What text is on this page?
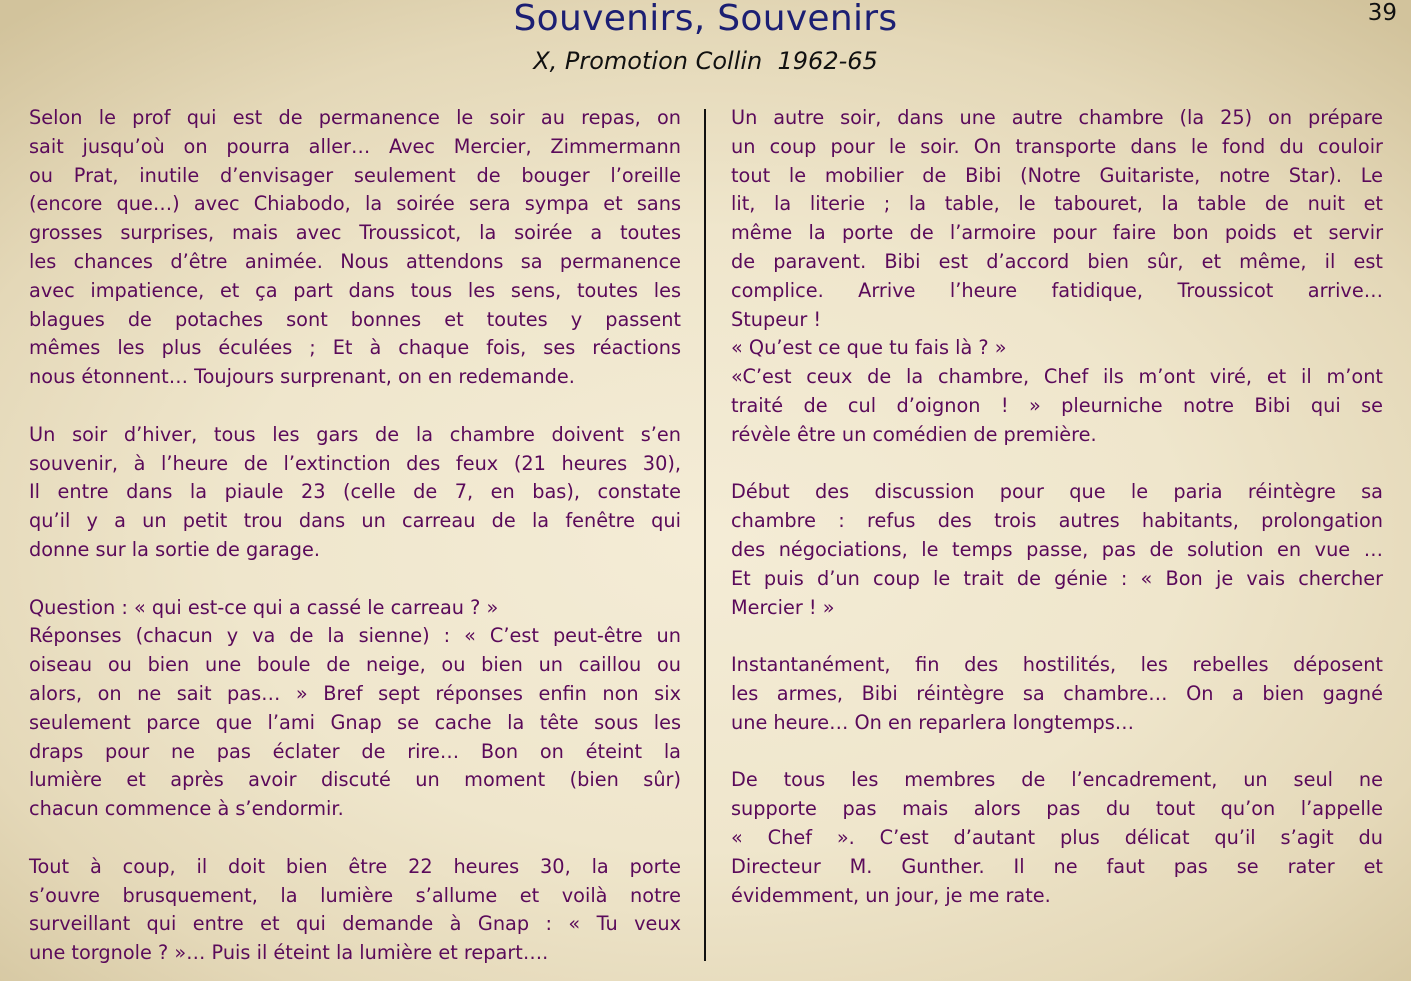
Souvenirs, Souvenirs
X, Promotion Collin  1962-65
39

Selon le prof qui est de permanence le soir au repas, on
sait jusqu’où on pourra aller… Avec Mercier, Zimmermann
ou Prat, inutile d’envisager seulement de bouger l’oreille
(encore que…) avec Chiabodo, la soirée sera sympa et sans
grosses surprises, mais avec Troussicot, la soirée a toutes
les chances d’être animée. Nous attendons sa permanence
avec impatience, et ça part dans tous les sens, toutes les
blagues de potaches sont bonnes et toutes y passent
mêmes les plus éculées ; Et à chaque fois, ses réactions
nous étonnent… Toujours surprenant, on en redemande.

Un soir d’hiver, tous les gars de la chambre doivent s’en
souvenir, à l’heure de l’extinction des feux (21 heures 30),
Il entre dans la piaule 23 (celle de 7, en bas), constate
qu’il y a un petit trou dans un carreau de la fenêtre qui
donne sur la sortie de garage.

Question : « qui est-ce qui a cassé le carreau ? »

Réponses (chacun y va de la sienne) : « C’est peut-être un
oiseau ou bien une boule de neige, ou bien un caillou ou
alors, on ne sait pas… » Bref sept réponses enfin non six
seulement parce que l’ami Gnap se cache la tête sous les
draps pour ne pas éclater de rire… Bon on éteint la
lumière et après avoir discuté un moment (bien sûr)
chacun commence à s’endormir.

Tout à coup, il doit bien être 22 heures 30, la porte
s’ouvre brusquement, la lumière s’allume et voilà notre
surveillant qui entre et qui demande à Gnap : « Tu veux
une torgnole ? »… Puis il éteint la lumière et repart….

Un autre soir, dans une autre chambre (la 25) on prépare
un coup pour le soir. On transporte dans le fond du couloir
tout le mobilier de Bibi (Notre Guitariste, notre Star). Le
lit, la literie ; la table, le tabouret, la table de nuit et
même la porte de l’armoire pour faire bon poids et servir
de paravent. Bibi est d’accord bien sûr, et même, il est
complice. Arrive l’heure fatidique, Troussicot arrive…
Stupeur !

« Qu’est ce que tu fais là ? »

«C’est ceux de la chambre, Chef ils m’ont viré, et il m’ont
traité de cul d’oignon ! » pleurniche notre Bibi qui se
révèle être un comédien de première.

Début des discussion pour que le paria réintègre sa
chambre : refus des trois autres habitants, prolongation
des négociations, le temps passe, pas de solution en vue …
Et puis d’un coup le trait de génie : « Bon je vais chercher
Mercier ! »

Instantanément, fin des hostilités, les rebelles déposent
les armes, Bibi réintègre sa chambre… On a bien gagné
une heure… On en reparlera longtemps…

De tous les membres de l’encadrement, un seul ne
supporte pas mais alors pas du tout qu’on l’appelle
« Chef ». C’est d’autant plus délicat qu’il s’agit du
Directeur M. Gunther. Il ne faut pas se rater et
évidemment, un jour, je me rate.
